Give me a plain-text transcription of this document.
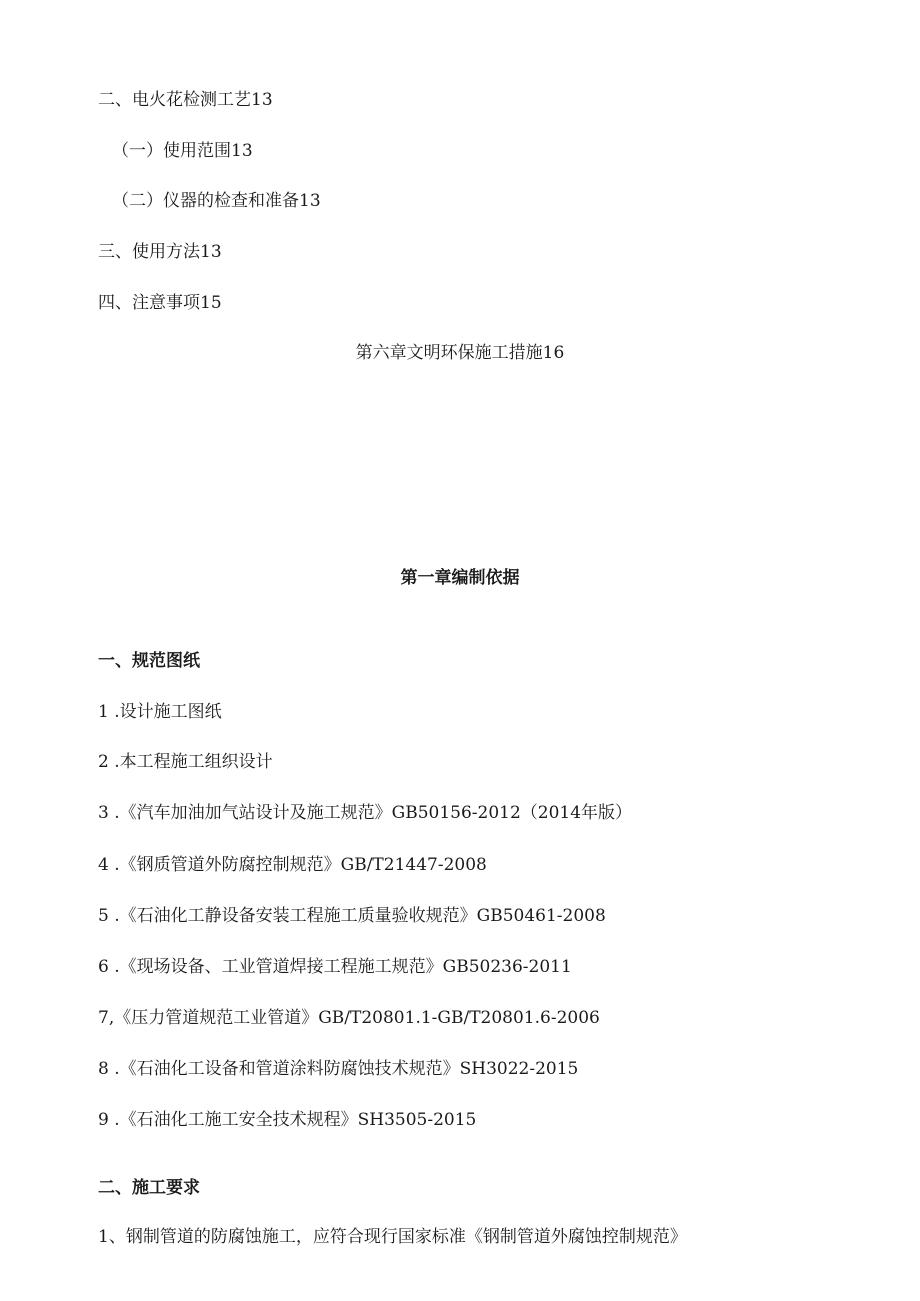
二、电火花检测工艺13
（一）使用范围13
（二）仪器的检查和准备13
三、使用方法13
四、注意事项15
第六章文明环保施工措施16
第一章编制依据
一、规范图纸
1 .设计施工图纸
2 .本工程施工组织设计
3 .《汽车加油加气站设计及施工规范》GB50156-2012（2014年版）
4 .《钢质管道外防腐控制规范》GB/T21447-2008
5 .《石油化工静设备安装工程施工质量验收规范》GB50461-2008
6 .《现场设备、工业管道焊接工程施工规范》GB50236-2011
7,《压力管道规范工业管道》GB/T20801.1-GB/T20801.6-2006
8 .《石油化工设备和管道涂料防腐蚀技术规范》SH3022-2015
9 .《石油化工施工安全技术规程》SH3505-2015
二、施工要求
1、钢制管道的防腐蚀施工，应符合现行国家标准《钢制管道外腐蚀控制规范》
